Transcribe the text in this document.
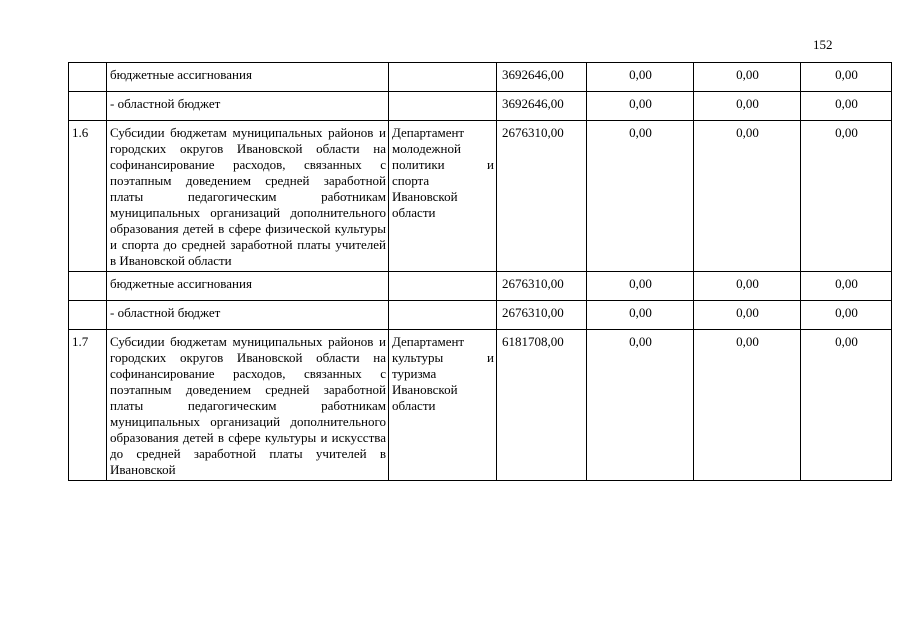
152
	бюджетные ассигнования		3692646,00	0,00	0,00	0,00
	- областной бюджет		3692646,00	0,00	0,00	0,00
1.6	Субсидии бюджетам муниципальных районов и городских округов Ивановской области на софинансирование расходов, связанных с поэтапным доведением средней заработной платы педагогическим работникам муниципальных организаций дополнительного образования детей в сфере физической культуры и спорта до средней заработной платы учителей в Ивановской области	Департамент молодежной политики и спорта Ивановской области	2676310,00	0,00	0,00	0,00
	бюджетные ассигнования		2676310,00	0,00	0,00	0,00
	- областной бюджет		2676310,00	0,00	0,00	0,00
1.7	Субсидии бюджетам муниципальных районов и городских округов Ивановской области на софинансирование расходов, связанных с поэтапным доведением средней заработной платы педагогическим работникам муниципальных организаций дополнительного образования детей в сфере культуры и искусства до средней заработной платы учителей в Ивановской	Департамент культуры и туризма Ивановской области	6181708,00	0,00	0,00	0,00
